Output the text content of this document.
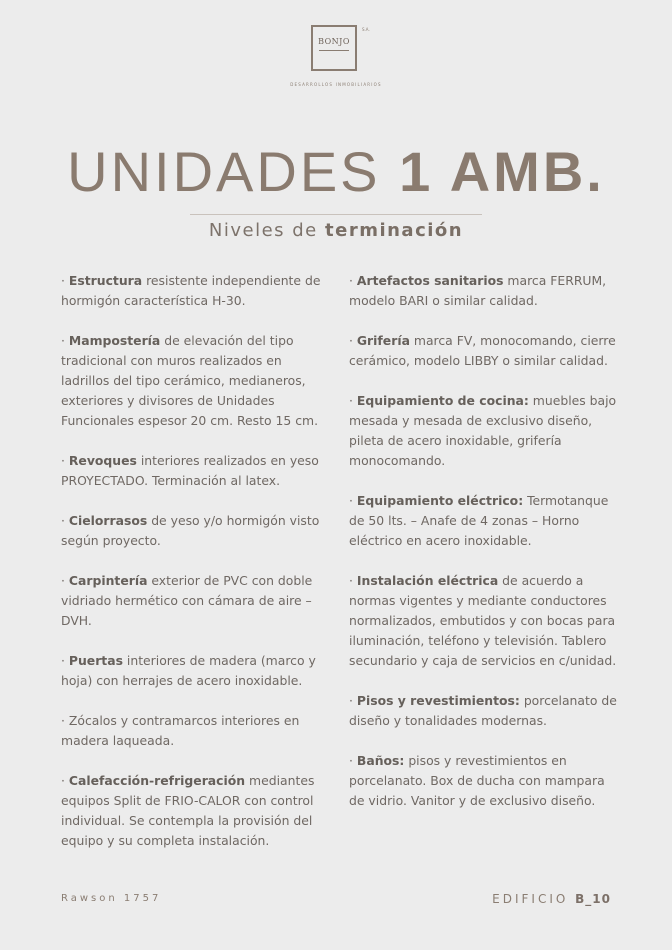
BONJO
S.A.
DESARROLLOS INMOBILIARIOS
UNIDADES 1 AMB.
Niveles de terminación

· Estructura resistente independiente de hormigón característica H-30.

· Mampostería de elevación del tipo tradicional con muros realizados en ladrillos del tipo cerámico, medianeros, exteriores y divisores de Unidades Funcionales espesor 20 cm. Resto 15 cm.

· Revoques interiores realizados en yeso PROYECTADO. Terminación al latex.

· Cielorrasos de yeso y/o hormigón visto según proyecto.

· Carpintería exterior de PVC con doble vidriado hermético con cámara de aire – DVH.

· Puertas interiores de madera (marco y hoja) con herrajes de acero inoxidable.

· Zócalos y contramarcos interiores en madera laqueada.

· Calefacción-refrigeración mediantes equipos Split de FRIO-CALOR con control individual. Se contempla la provisión del equipo y su completa instalación.

· Artefactos sanitarios marca FERRUM, modelo BARI o similar calidad.

· Grifería marca FV, monocomando, cierre cerámico, modelo LIBBY o similar calidad.

· Equipamiento de cocina: muebles bajo mesada y mesada de exclusivo diseño, pileta de acero inoxidable, grifería monocomando.

· Equipamiento eléctrico: Termotanque de 50 lts. – Anafe de 4 zonas – Horno eléctrico en acero inoxidable.

· Instalación eléctrica de acuerdo a normas vigentes y mediante conductores normalizados, embutidos y con bocas para iluminación, teléfono y televisión. Tablero secundario y caja de servicios en c/unidad.

· Pisos y revestimientos: porcelanato de diseño y tonalidades modernas.

· Baños: pisos y revestimientos en porcelanato. Box de ducha con mampara de vidrio. Vanitor y de exclusivo diseño.

Rawson 1757	EDIFICIO B_10
